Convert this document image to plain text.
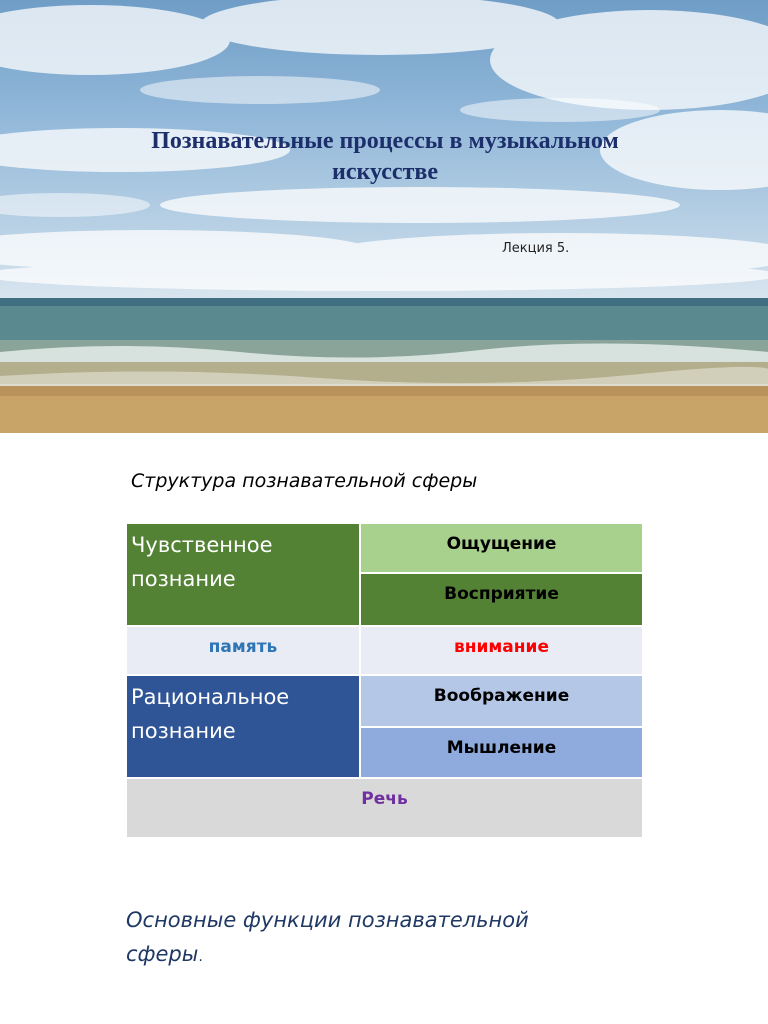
Познавательные процессы в музыкальном искусстве
Лекция 5.
Структура познавательной сферы
Чувственное познание
Ощущение
Восприятие
память	внимание
Рациональное познание
Воображение
Мышление
Речь
Основные функции познавательной сферы.
